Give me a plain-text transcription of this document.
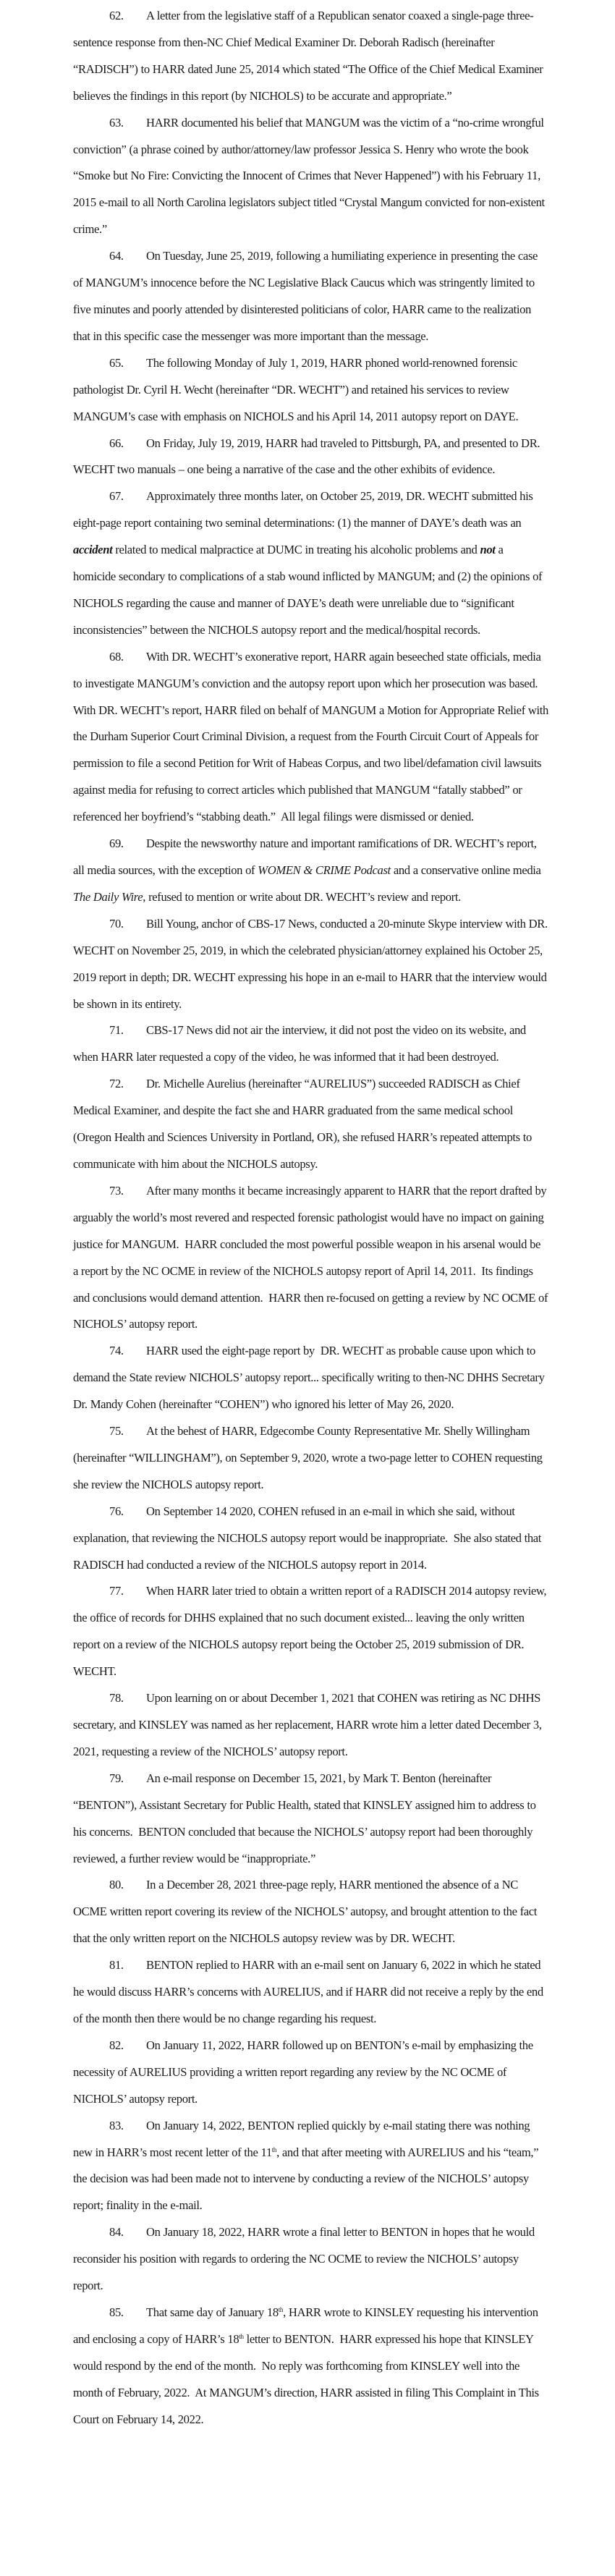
62. A letter from the legislative staff of a Republican senator coaxed a single-page three-sentence response from then-NC Chief Medical Examiner Dr. Deborah Radisch (hereinafter “RADISCH”) to HARR dated June 25, 2014 which stated “The Office of the Chief Medical Examiner believes the findings in this report (by NICHOLS) to be accurate and appropriate.”

63. HARR documented his belief that MANGUM was the victim of a “no-crime wrongful conviction” (a phrase coined by author/attorney/law professor Jessica S. Henry who wrote the book “Smoke but No Fire: Convicting the Innocent of Crimes that Never Happened”) with his February 11, 2015 e-mail to all North Carolina legislators subject titled “Crystal Mangum convicted for non-existent crime.”

64. On Tuesday, June 25, 2019, following a humiliating experience in presenting the case of MANGUM’s innocence before the NC Legislative Black Caucus which was stringently limited to five minutes and poorly attended by disinterested politicians of color, HARR came to the realization that in this specific case the messenger was more important than the message.

65. The following Monday of July 1, 2019, HARR phoned world-renowned forensic pathologist Dr. Cyril H. Wecht (hereinafter “DR. WECHT”) and retained his services to review MANGUM’s case with emphasis on NICHOLS and his April 14, 2011 autopsy report on DAYE.

66. On Friday, July 19, 2019, HARR had traveled to Pittsburgh, PA, and presented to DR. WECHT two manuals – one being a narrative of the case and the other exhibits of evidence.

67. Approximately three months later, on October 25, 2019, DR. WECHT submitted his eight-page report containing two seminal determinations: (1) the manner of DAYE’s death was an accident related to medical malpractice at DUMC in treating his alcoholic problems and not a homicide secondary to complications of a stab wound inflicted by MANGUM; and (2) the opinions of NICHOLS regarding the cause and manner of DAYE’s death were unreliable due to “significant inconsistencies” between the NICHOLS autopsy report and the medical/hospital records.

68. With DR. WECHT’s exonerative report, HARR again beseeched state officials, media to investigate MANGUM’s conviction and the autopsy report upon which her prosecution was based.  With DR. WECHT’s report, HARR filed on behalf of MANGUM a Motion for Appropriate Relief with the Durham Superior Court Criminal Division, a request from the Fourth Circuit Court of Appeals for permission to file a second Petition for Writ of Habeas Corpus, and two libel/defamation civil lawsuits against media for refusing to correct articles which published that MANGUM “fatally stabbed” or referenced her boyfriend’s “stabbing death.”  All legal filings were dismissed or denied.

69. Despite the newsworthy nature and important ramifications of DR. WECHT’s report, all media sources, with the exception of WOMEN & CRIME Podcast and a conservative online media The Daily Wire, refused to mention or write about DR. WECHT’s review and report.

70. Bill Young, anchor of CBS-17 News, conducted a 20-minute Skype interview with DR. WECHT on November 25, 2019, in which the celebrated physician/attorney explained his October 25, 2019 report in depth; DR. WECHT expressing his hope in an e-mail to HARR that the interview would be shown in its entirety.

71. CBS-17 News did not air the interview, it did not post the video on its website, and when HARR later requested a copy of the video, he was informed that it had been destroyed.

72. Dr. Michelle Aurelius (hereinafter “AURELIUS”) succeeded RADISCH as Chief Medical Examiner, and despite the fact she and HARR graduated from the same medical school (Oregon Health and Sciences University in Portland, OR), she refused HARR’s repeated attempts to communicate with him about the NICHOLS autopsy.

73. After many months it became increasingly apparent to HARR that the report drafted by arguably the world’s most revered and respected forensic pathologist would have no impact on gaining justice for MANGUM.  HARR concluded the most powerful possible weapon in his arsenal would be a report by the NC OCME in review of the NICHOLS autopsy report of April 14, 2011.  Its findings and conclusions would demand attention.  HARR then re-focused on getting a review by NC OCME of NICHOLS’ autopsy report.

74. HARR used the eight-page report by  DR. WECHT as probable cause upon which to demand the State review NICHOLS’ autopsy report... specifically writing to then-NC DHHS Secretary Dr. Mandy Cohen (hereinafter “COHEN”) who ignored his letter of May 26, 2020.

75. At the behest of HARR, Edgecombe County Representative Mr. Shelly Willingham (hereinafter “WILLINGHAM”), on September 9, 2020, wrote a two-page letter to COHEN requesting she review the NICHOLS autopsy report.

76. On September 14 2020, COHEN refused in an e-mail in which she said, without explanation, that reviewing the NICHOLS autopsy report would be inappropriate.  She also stated that RADISCH had conducted a review of the NICHOLS autopsy report in 2014.

77. When HARR later tried to obtain a written report of a RADISCH 2014 autopsy review, the office of records for DHHS explained that no such document existed... leaving the only written report on a review of the NICHOLS autopsy report being the October 25, 2019 submission of DR. WECHT.

78. Upon learning on or about December 1, 2021 that COHEN was retiring as NC DHHS secretary, and KINSLEY was named as her replacement, HARR wrote him a letter dated December 3, 2021, requesting a review of the NICHOLS’ autopsy report.

79. An e-mail response on December 15, 2021, by Mark T. Benton (hereinafter “BENTON”), Assistant Secretary for Public Health, stated that KINSLEY assigned him to address to his concerns.  BENTON concluded that because the NICHOLS’ autopsy report had been thoroughly reviewed, a further review would be “inappropriate.”

80. In a December 28, 2021 three-page reply, HARR mentioned the absence of a NC OCME written report covering its review of the NICHOLS’ autopsy, and brought attention to the fact that the only written report on the NICHOLS autopsy review was by DR. WECHT.

81. BENTON replied to HARR with an e-mail sent on January 6, 2022 in which he stated he would discuss HARR’s concerns with AURELIUS, and if HARR did not receive a reply by the end of the month then there would be no change regarding his request.

82. On January 11, 2022, HARR followed up on BENTON’s e-mail by emphasizing the necessity of AURELIUS providing a written report regarding any review by the NC OCME of NICHOLS’ autopsy report.

83. On January 14, 2022, BENTON replied quickly by e-mail stating there was nothing new in HARR’s most recent letter of the 11th, and that after meeting with AURELIUS and his “team,” the decision was had been made not to intervene by conducting a review of the NICHOLS’ autopsy report; finality in the e-mail.

84. On January 18, 2022, HARR wrote a final letter to BENTON in hopes that he would reconsider his position with regards to ordering the NC OCME to review the NICHOLS’ autopsy report.

85. That same day of January 18th, HARR wrote to KINSLEY requesting his intervention and enclosing a copy of HARR’s 18th letter to BENTON.  HARR expressed his hope that KINSLEY would respond by the end of the month.  No reply was forthcoming from KINSLEY well into the month of February, 2022.  At MANGUM’s direction, HARR assisted in filing This Complaint in This Court on February 14, 2022.
